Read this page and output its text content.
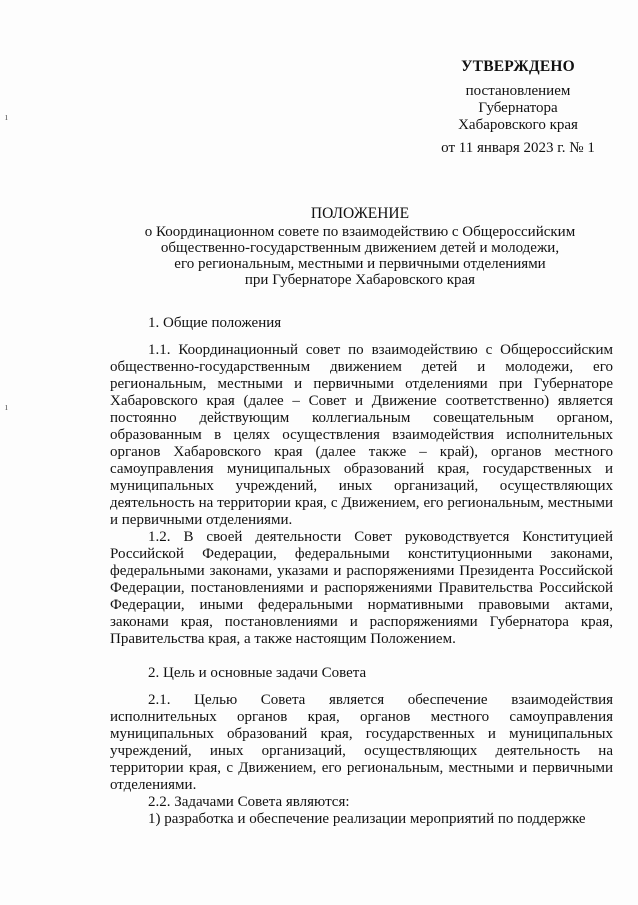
ı
ı
УТВЕРЖДЕНО
постановлением
Губернатора
Хабаровского края
от 11 января 2023 г. № 1
ПОЛОЖЕНИЕ
о Координационном совете по взаимодействию с Общероссийским
общественно-государственным движением детей и молодежи,
его региональным, местными и первичными отделениями
при Губернаторе Хабаровского края

1. Общие положения

1.1. Координационный совет по взаимодействию с Общероссийским общественно-государственным движением детей и молодежи, его региональным, местными и первичными отделениями при Губернаторе Хабаровского края (далее – Совет и Движение соответственно) является постоянно действующим коллегиальным совещательным органом, образованным в целях осуществления взаимодействия исполнительных органов Хабаровского края (далее также – край), органов местного самоуправления муниципальных образований края, государственных и муниципальных учреждений, иных организаций, осуществляющих деятельность на территории края, с Движением, его региональным, местными и первичными отделениями.

1.2. В своей деятельности Совет руководствуется Конституцией Российской Федерации, федеральными конституционными законами, федеральными законами, указами и распоряжениями Президента Российской Федерации, постановлениями и распоряжениями Правительства Российской Федерации, иными федеральными нормативными правовыми актами, законами края, постановлениями и распоряжениями Губернатора края, Правительства края, а также настоящим Положением.

2. Цель и основные задачи Совета

2.1. Целью Совета является обеспечение взаимодействия исполнительных органов края, органов местного самоуправления муниципальных образований края, государственных и муниципальных учреждений, иных организаций, осуществляющих деятельность на территории края, с Движением, его региональным, местными и первичными отделениями.

2.2. Задачами Совета являются:

1) разработка и обеспечение реализации мероприятий по поддержке
